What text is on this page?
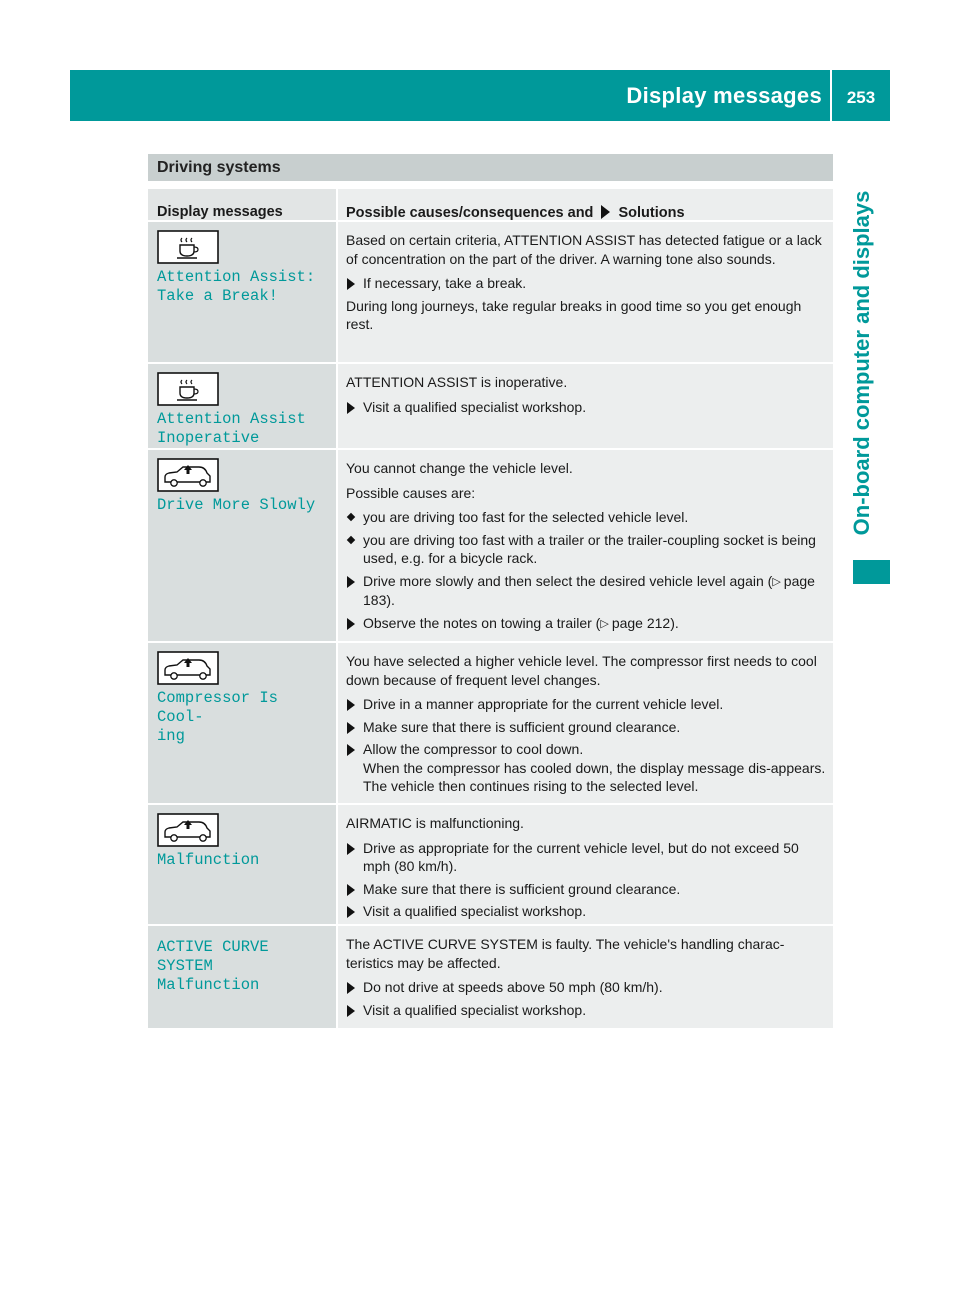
Display messages	253
On-board computer and displays
Driving systems
Display messages	Possible causes/consequences and Solutions
Attention Assist:
Take a Break!

Based on certain criteria, ATTENTION ASSIST has detected fatigue or a lack of concentration on the part of the driver. A warning tone also sounds.

If necessary, take a break.

During long journeys, take regular breaks in good time so you get enough rest.

Attention Assist
Inoperative

ATTENTION ASSIST is inoperative.

Visit a qualified specialist workshop.
Drive More Slowly

You cannot change the vehicle level.

Possible causes are:

you are driving too fast for the selected vehicle level.
you are driving too fast with a trailer or the trailer-coupling socket is being used, e.g. for a bicycle rack.
Drive more slowly and then select the desired vehicle level again (▷ page 183).
Observe the notes on towing a trailer (▷ page 212).
Compressor Is Cool‐
ing

You have selected a higher vehicle level. The compressor first needs to cool down because of frequent level changes.

Drive in a manner appropriate for the current vehicle level.
Make sure that there is sufficient ground clearance.
Allow the compressor to cool down.
When the compressor has cooled down, the display message dis‐appears. The vehicle then continues rising to the selected level.
Malfunction

AIRMATIC is malfunctioning.

Drive as appropriate for the current vehicle level, but do not exceed 50 mph (80 km/h).
Make sure that there is sufficient ground clearance.
Visit a qualified specialist workshop.
ACTIVE CURVE SYSTEM
Malfunction

The ACTIVE CURVE SYSTEM is faulty. The vehicle's handling charac‐teristics may be affected.

Do not drive at speeds above 50 mph (80 km/h).
Visit a qualified specialist workshop.
